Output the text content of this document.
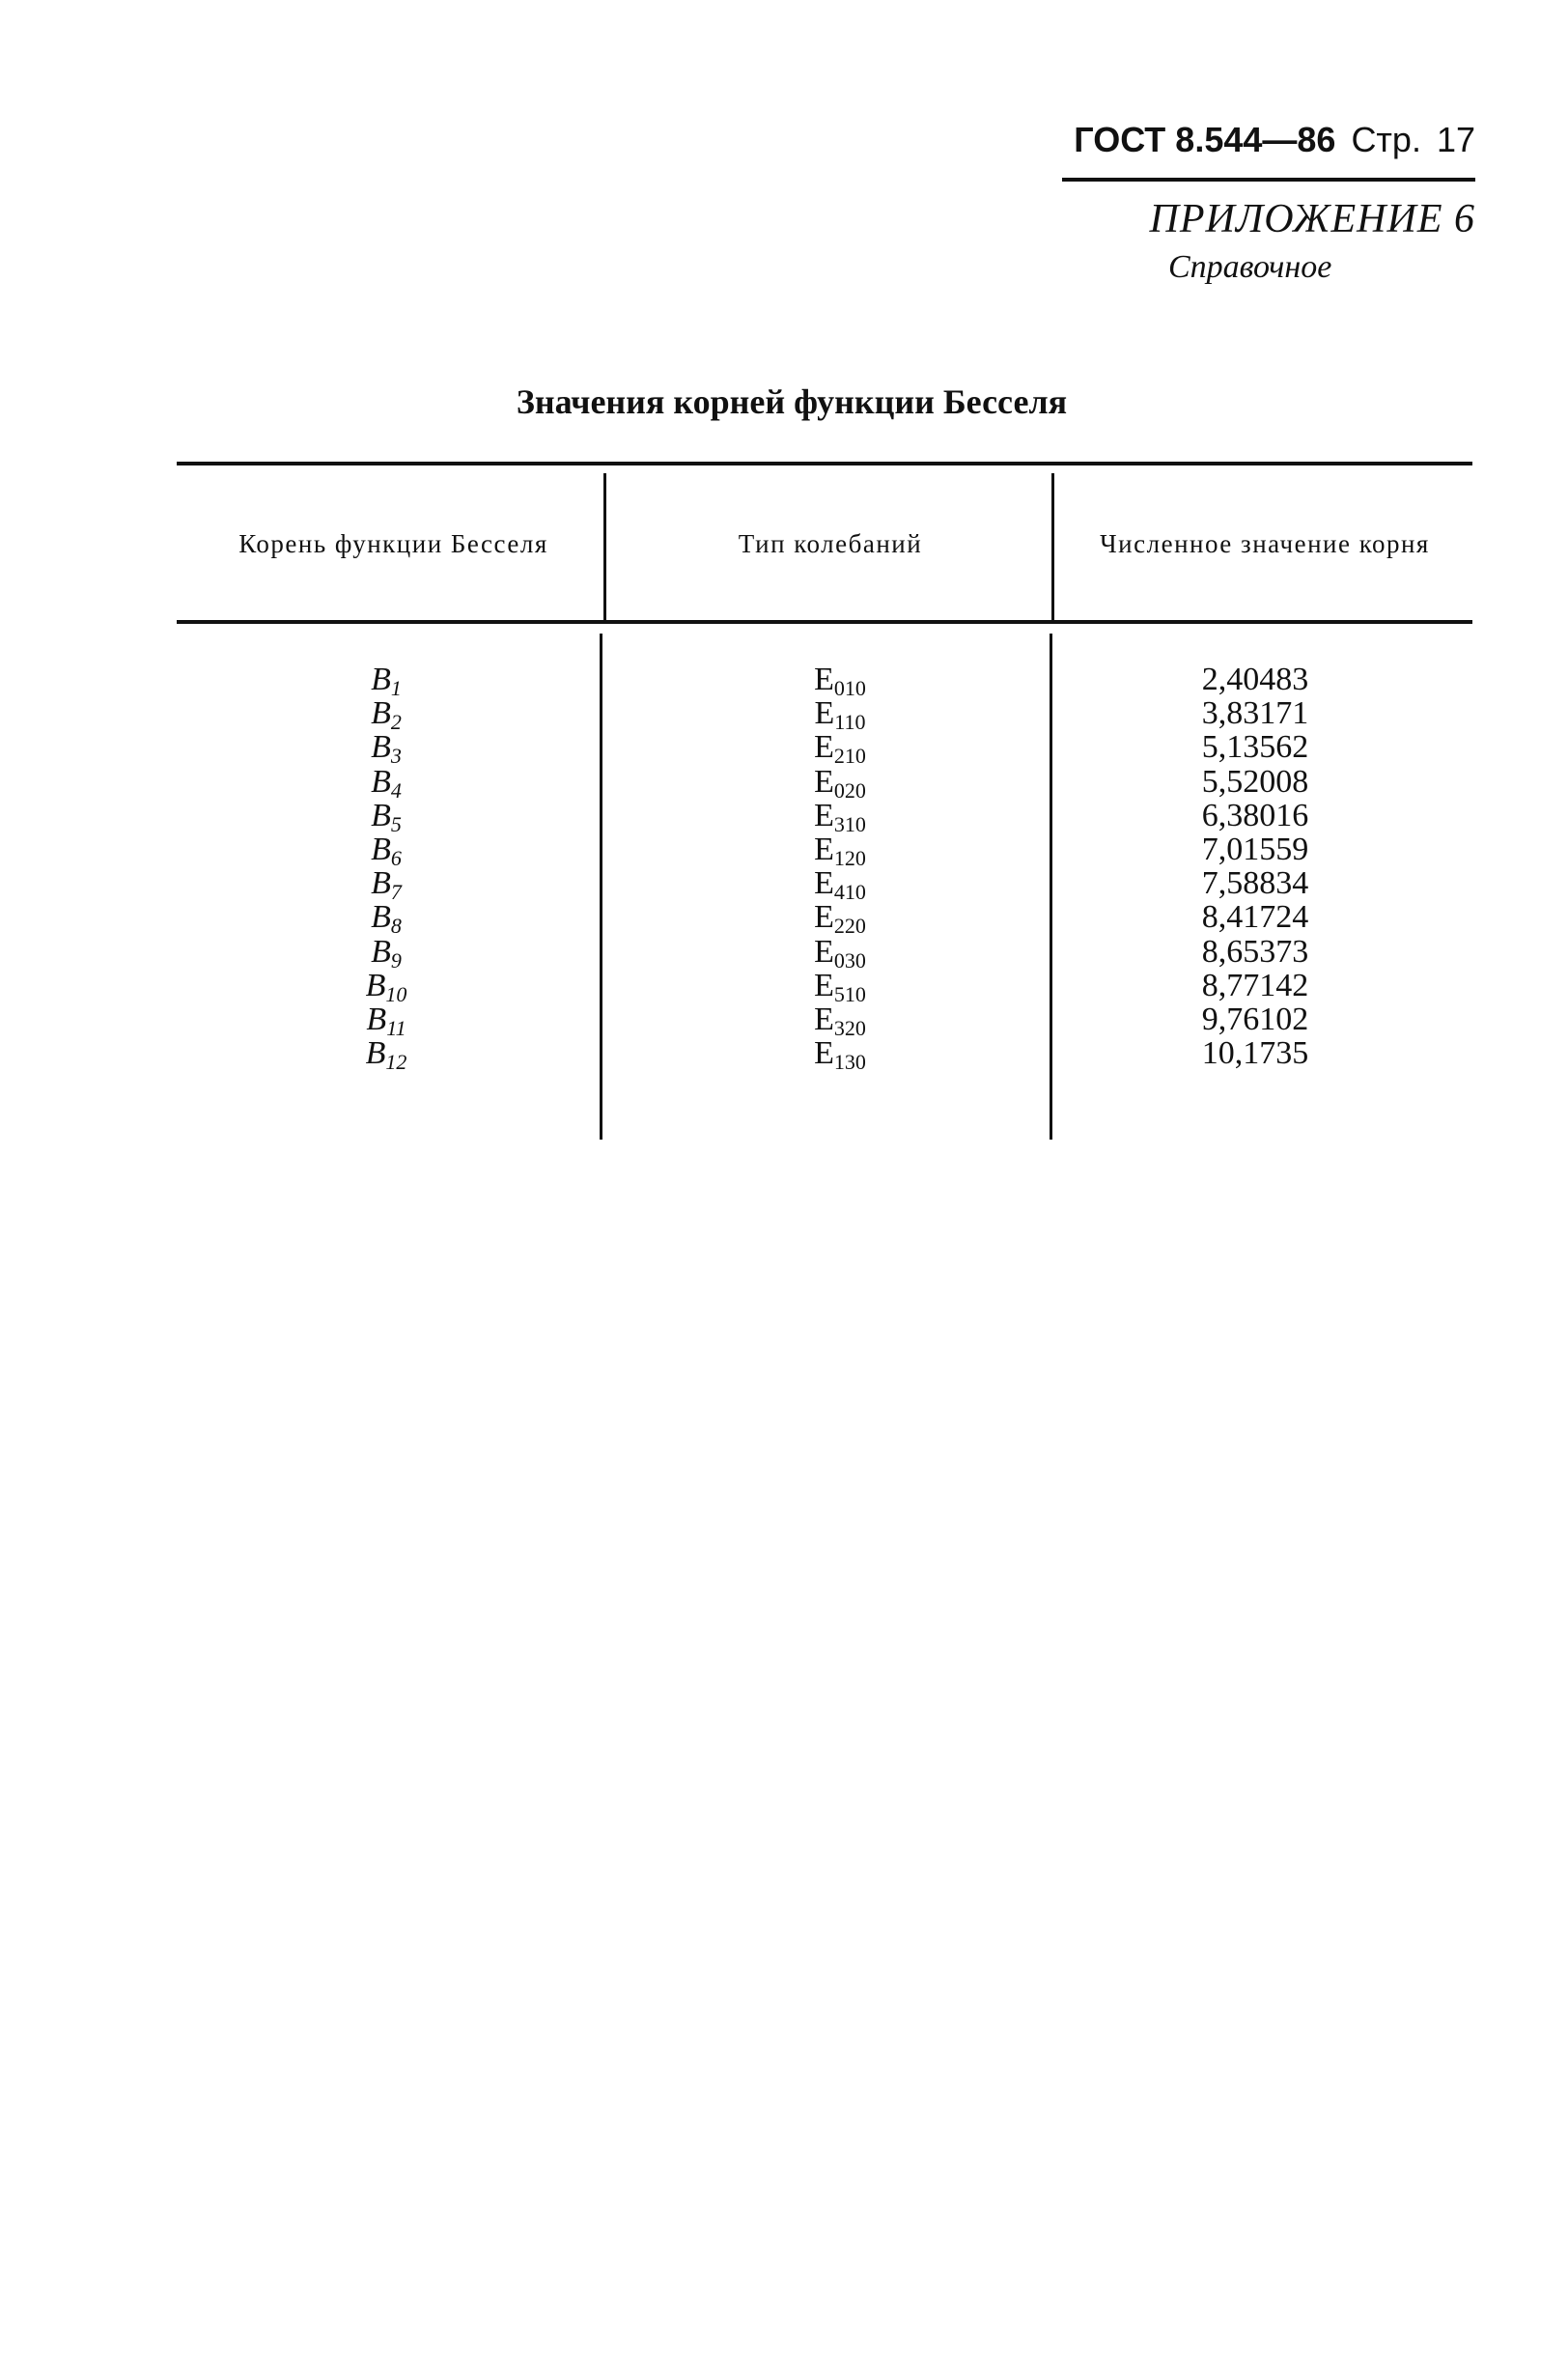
ГОСТ 8.544—86 Стр. 17
ПРИЛОЖЕНИЕ 6
Справочное
Значения корней функции Бесселя
Корень функции Бесселя	Тип колебаний	Численное значение корня
$B_1$
$B_2$
$B_3$
$B_4$
$B_5$
$B_6$
$B_7$
$B_8$
$B_9$
$B_{10}$
$B_{11}$
$B_{12}$
$E_{010}$
$E_{110}$
$E_{210}$
$E_{020}$
$E_{310}$
$E_{120}$
$E_{410}$
$E_{220}$
$E_{030}$
$E_{510}$
$E_{320}$
$E_{130}$
2,40483
3,83171
5,13562
5,52008
6,38016
7,01559
7,58834
8,41724
8,65373
8,77142
9,76102
10,1735
